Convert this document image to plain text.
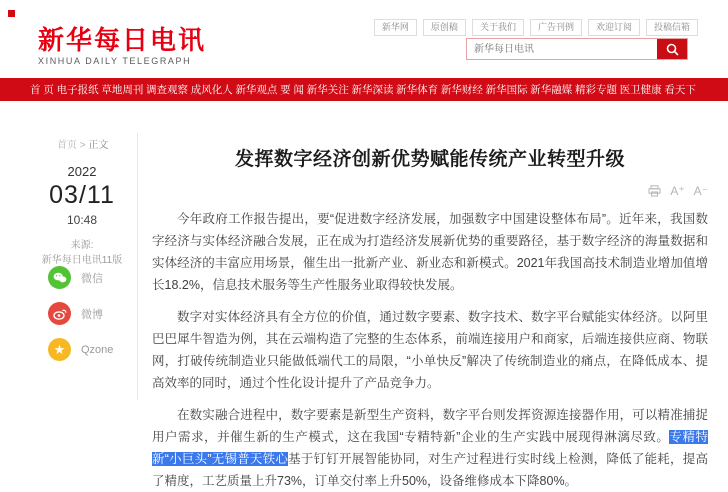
新华每日电讯
XINHUA DAILY TELEGRAPH
新华网	原创稿	关于我们	广告刊例	欢迎订阅	投稿信箱
新华每日电讯
首 页 电子报纸 草地周刊 调查观察 成风化人 新华观点 要 闻 新华关注 新华深读 新华体育 新华财经 新华国际 新华融媒 精彩专题 医卫健康 看天下
首页 > 正文
2022
03/11
10:48
来源:
新华每日电讯11版
微信
微博
★	Qzone
发挥数字经济创新优势赋能传统产业转型升级
A⁺ A⁻

今年政府工作报告提出，要“促进数字经济发展，加强数字中国建设整体布局”。近年来，我国数字经济与实体经济融合发展，正在成为打造经济发展新优势的重要路径，基于数字经济的海量数据和实体经济的丰富应用场景，催生出一批新产业、新业态和新模式。2021年我国高技术制造业增加值增长18.2%，信息技术服务等生产性服务业取得较快发展。

数字对实体经济具有全方位的价值，通过数字要素、数字技术、数字平台赋能实体经济。以阿里巴巴犀牛智造为例，其在云端构造了完整的生态体系，前端连接用户和商家，后端连接供应商、物联网，打破传统制造业只能做低端代工的局限，“小单快反”解决了传统制造业的痛点，在降低成本、提高效率的同时，通过个性化设计提升了产品竞争力。

在数实融合进程中，数字要素是新型生产资料，数字平台则发挥资源连接器作用，可以精准捕捉用户需求，并催生新的生产模式，这在我国“专精特新”企业的生产实践中展现得淋漓尽致。专精特新“小巨头”无锡普天铁心基于钉钉开展智能协同，对生产过程进行实时线上检测，降低了能耗，提高了精度，工艺质量上升73%，订单交付率上升50%，设备维修成本下降80%。
